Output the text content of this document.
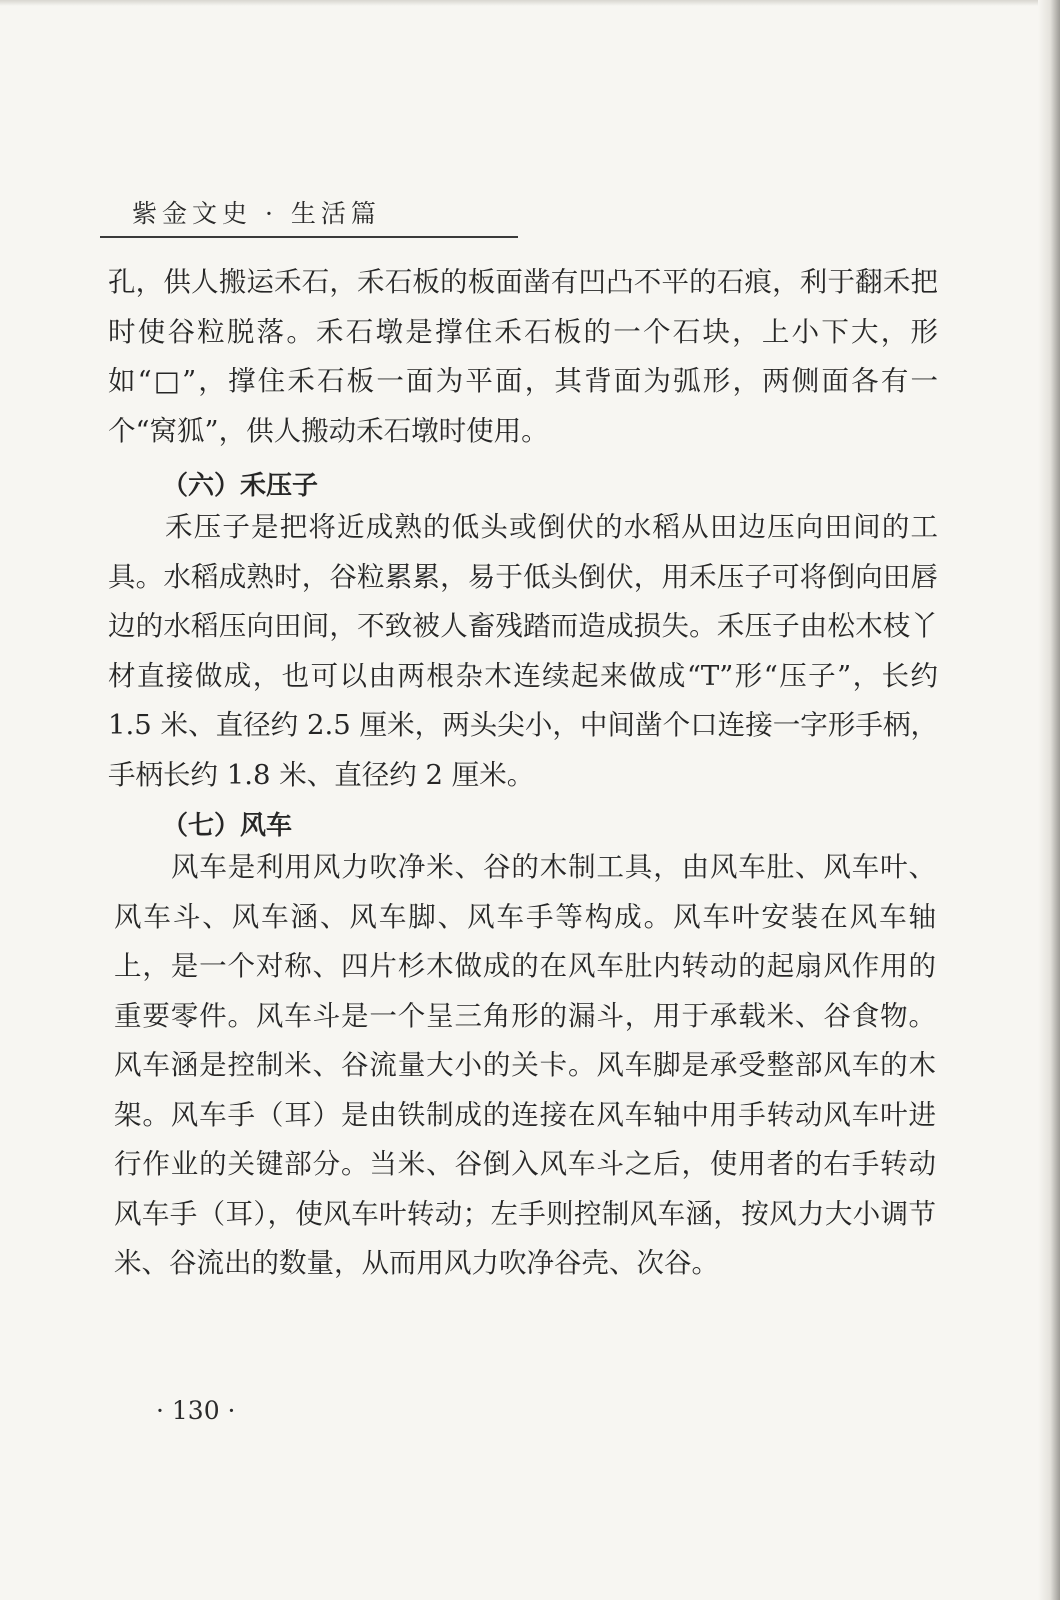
紫金文史 · 生活篇

孔，供人搬运禾石，禾石板的板面凿有凹凸不平的石痕，利于翻禾把时使谷粒脱落。禾石墩是撑住禾石板的一个石块，上小下大，形如“□”，撑住禾石板一面为平面，其背面为弧形，两侧面各有一个“窝狐”，供人搬动禾石墩时使用。

（六）禾压子

禾压子是把将近成熟的低头或倒伏的水稻从田边压向田间的工具。水稻成熟时，谷粒累累，易于低头倒伏，用禾压子可将倒向田唇边的水稻压向田间，不致被人畜残踏而造成损失。禾压子由松木枝丫材直接做成，也可以由两根杂木连续起来做成“T”形“压子”，长约 1.5 米、直径约 2.5 厘米，两头尖小，中间凿个口连接一字形手柄，手柄长约 1.8 米、直径约 2 厘米。

（七）风车

风车是利用风力吹净米、谷的木制工具，由风车肚、风车叶、风车斗、风车涵、风车脚、风车手等构成。风车叶安装在风车轴上，是一个对称、四片杉木做成的在风车肚内转动的起扇风作用的重要零件。风车斗是一个呈三角形的漏斗，用于承载米、谷食物。风车涵是控制米、谷流量大小的关卡。风车脚是承受整部风车的木架。风车手（耳）是由铁制成的连接在风车轴中用手转动风车叶进行作业的关键部分。当米、谷倒入风车斗之后，使用者的右手转动风车手（耳），使风车叶转动；左手则控制风车涵，按风力大小调节米、谷流出的数量，从而用风力吹净谷壳、次谷。

· 130 ·
